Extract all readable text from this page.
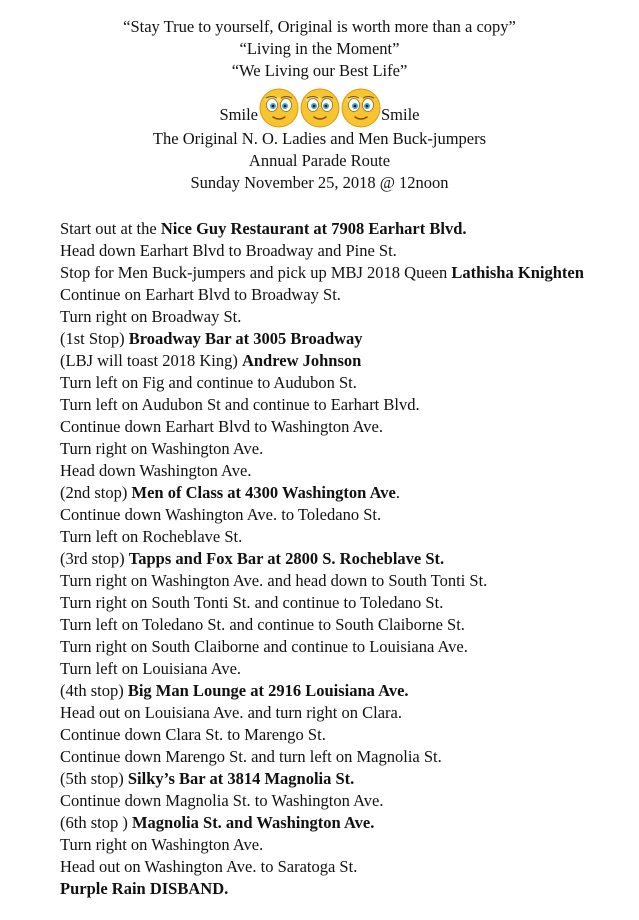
“Stay True to yourself, Original is worth more than a copy”
“Living in the Moment”
“We Living our Best Life”
Smile	Smile
The Original N. O. Ladies and Men Buck-jumpers
Annual Parade Route
Sunday November 25, 2018 @ 12noon
Start out at the Nice Guy Restaurant at 7908 Earhart Blvd.
Head down Earhart Blvd to Broadway and Pine St.
Stop for Men Buck-jumpers and pick up MBJ 2018 Queen Lathisha Knighten
Continue on Earhart Blvd to Broadway St.
Turn right on Broadway St.
(1st Stop) Broadway Bar at 3005 Broadway
(LBJ will toast 2018 King) Andrew Johnson
Turn left on Fig and continue to Audubon St.
Turn left on Audubon St and continue to Earhart Blvd.
Continue down Earhart Blvd to Washington Ave.
Turn right on Washington Ave.
Head down Washington Ave.
(2nd stop) Men of Class at 4300 Washington Ave.
Continue down Washington Ave. to Toledano St.
Turn left on Rocheblave St.
(3rd stop) Tapps and Fox Bar at 2800 S. Rocheblave St.
Turn right on Washington Ave. and head down to South Tonti St.
Turn right on South Tonti St. and continue to Toledano St.
Turn left on Toledano St. and continue to South Claiborne St.
Turn right on South Claiborne and continue to Louisiana Ave.
Turn left on Louisiana Ave.
(4th stop) Big Man Lounge at 2916 Louisiana Ave.
Head out on Louisiana Ave. and turn right on Clara.
Continue down Clara St. to Marengo St.
Continue down Marengo St. and turn left on Magnolia St.
(5th stop) Silky’s Bar at 3814 Magnolia St.
Continue down Magnolia St. to Washington Ave.
(6th stop ) Magnolia St. and Washington Ave.
Turn right on Washington Ave.
Head out on Washington Ave. to Saratoga St.
Purple Rain DISBAND.
